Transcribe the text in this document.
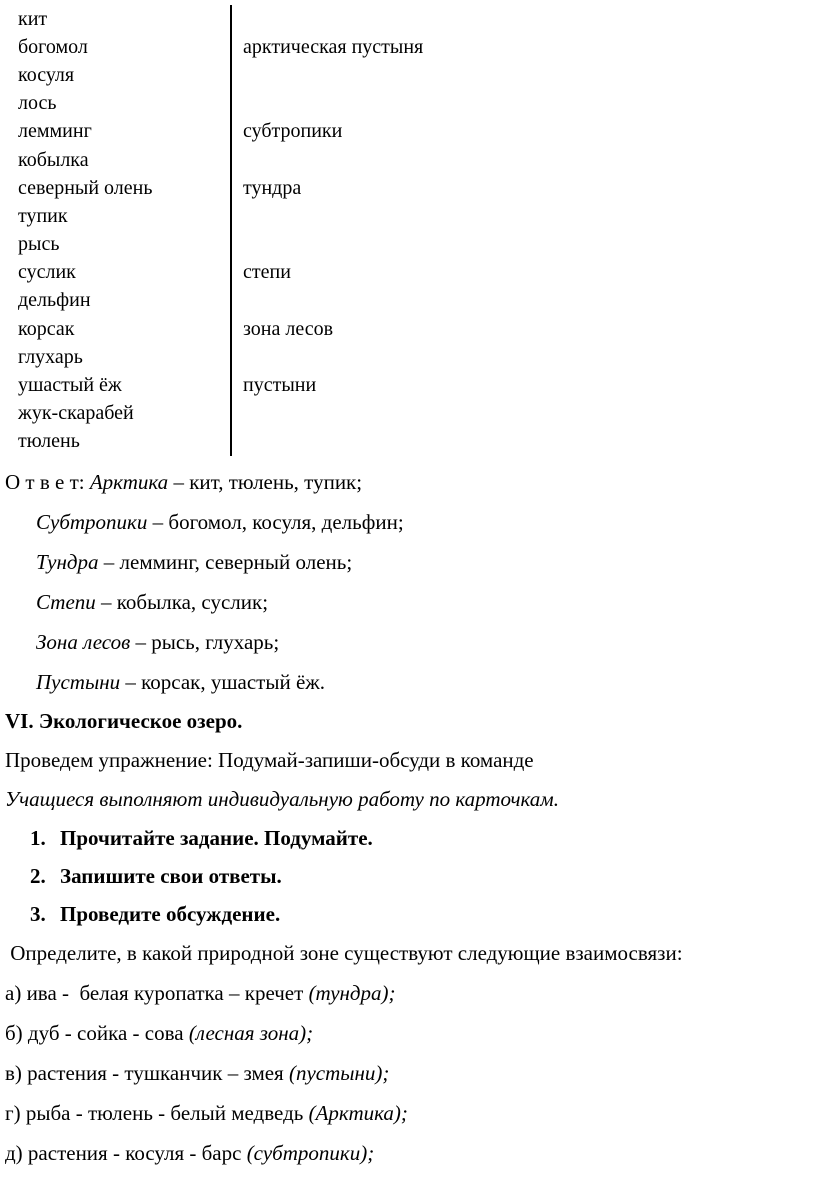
кит
богомол	арктическая пустыня
косуля
лось
лемминг	субтропики
кобылка
северный олень	тундра
тупик
рысь
суслик	степи
дельфин
корсак	зона лесов
глухарь
ушастый ёж	пустыни
жук-скарабей
тюлень

О т в е т: Арктика – кит, тюлень, тупик;

Субтропики – богомол, косуля, дельфин;

Тундра – лемминг, северный олень;

Степи – кобылка, суслик;

Зона лесов – рысь, глухарь;

Пустыни – корсак, ушастый ёж.

VI. Экологическое озеро.

Проведем упражнение: Подумай-запиши-обсуди в команде

Учащиеся выполняют индивидуальную работу по карточкам.

1. Прочитайте задание. Подумайте.
2. Запишите свои ответы.
3. Проведите обсуждение.

Определите, в какой природной зоне существуют следующие взаимосвязи:

а) ива -  белая куропатка – кречет (тундра);

б) дуб - сойка - сова (лесная зона);

в) растения - тушканчик – змея (пустыни);

г) рыба - тюлень - белый медведь (Арктика);

д) растения - косуля - барс (субтропики);
